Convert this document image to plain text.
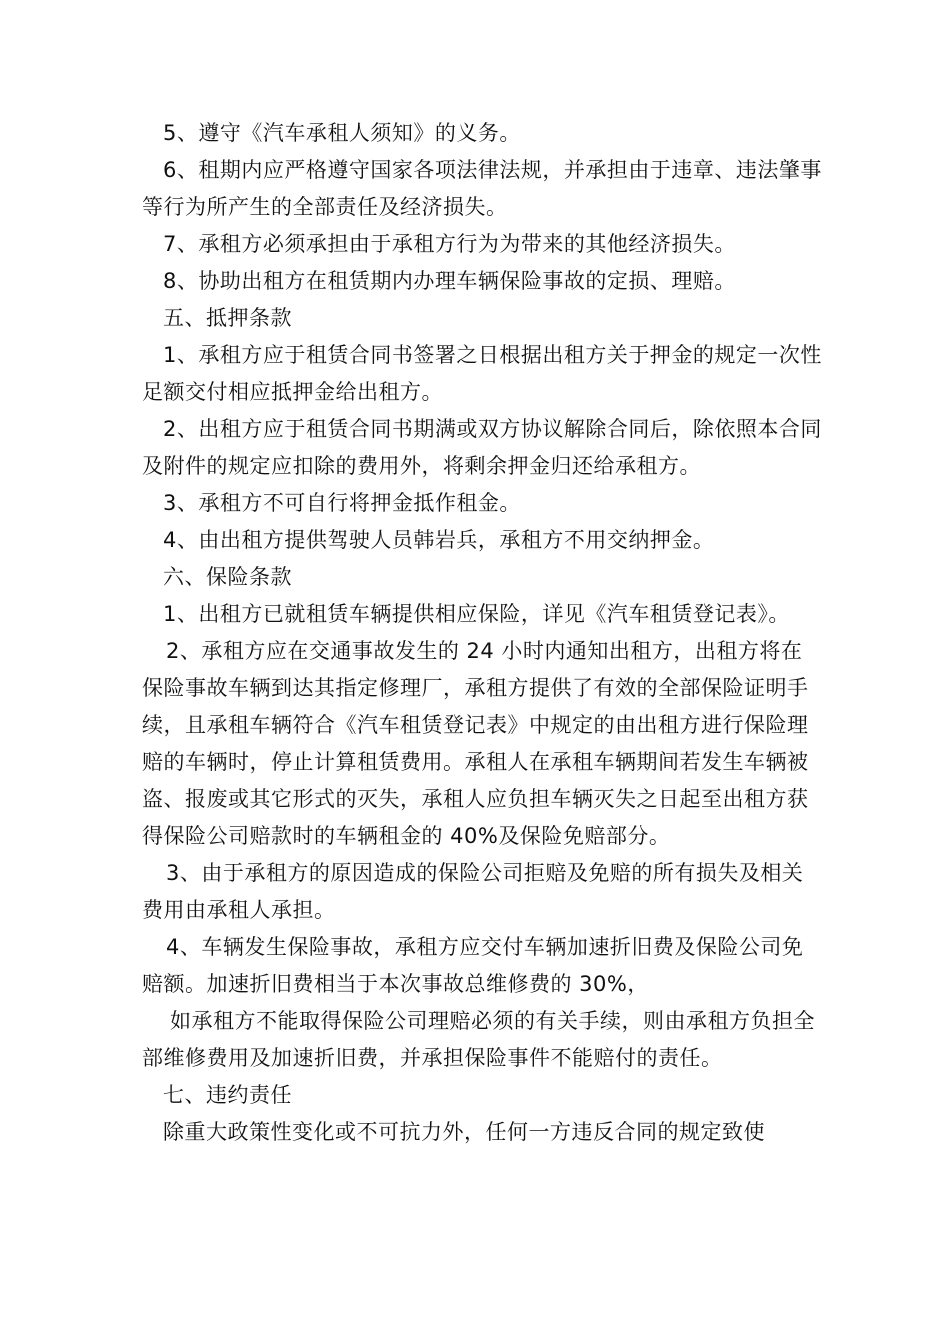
5、遵守《汽车承租人须知》的义务。

6、租期内应严格遵守国家各项法律法规，并承担由于违章、违法肇事等行为所产生的全部责任及经济损失。

7、承租方必须承担由于承租方行为为带来的其他经济损失。

8、协助出租方在租赁期内办理车辆保险事故的定损、理赔。

五、抵押条款

1、承租方应于租赁合同书签署之日根据出租方关于押金的规定一次性足额交付相应抵押金给出租方。

2、出租方应于租赁合同书期满或双方协议解除合同后，除依照本合同及附件的规定应扣除的费用外，将剩余押金归还给承租方。

3、承租方不可自行将押金抵作租金。

4、由出租方提供驾驶人员韩岩兵，承租方不用交纳押金。

六、保险条款

1、出租方已就租赁车辆提供相应保险，详见《汽车租赁登记表》。

2、承租方应在交通事故发生的 24 小时内通知出租方，出租方将在保险事故车辆到达其指定修理厂，承租方提供了有效的全部保险证明手续，且承租车辆符合《汽车租赁登记表》中规定的由出租方进行保险理赔的车辆时，停止计算租赁费用。承租人在承租车辆期间若发生车辆被盗、报废或其它形式的灭失，承租人应负担车辆灭失之日起至出租方获得保险公司赔款时的车辆租金的 40%及保险免赔部分。

3、由于承租方的原因造成的保险公司拒赔及免赔的所有损失及相关费用由承租人承担。

4、车辆发生保险事故，承租方应交付车辆加速折旧费及保险公司免赔额。加速折旧费相当于本次事故总维修费的 30%，

如承租方不能取得保险公司理赔必须的有关手续，则由承租方负担全部维修费用及加速折旧费，并承担保险事件不能赔付的责任。

七、违约责任

除重大政策性变化或不可抗力外，任何一方违反合同的规定致使
